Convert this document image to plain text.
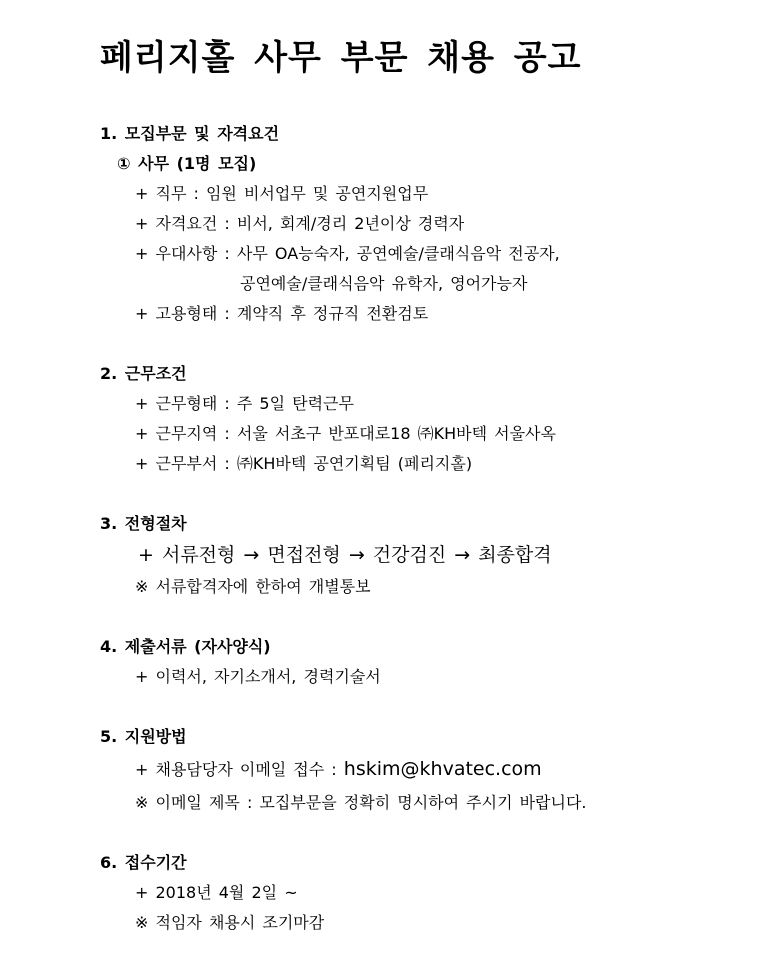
페리지홀 사무 부문 채용 공고
1. 모집부문 및 자격요건
① 사무 (1명 모집)
+ 직무 : 임원 비서업무 및 공연지원업무
+ 자격요건 : 비서, 회계/경리 2년이상 경력자
+ 우대사항 : 사무 OA능숙자, 공연예술/클래식음악 전공자,
공연예술/클래식음악 유학자, 영어가능자
+ 고용형태 : 계약직 후 정규직 전환검토
2. 근무조건
+ 근무형태 : 주 5일 탄력근무
+ 근무지역 : 서울 서초구 반포대로18 ㈜KH바텍 서울사옥
+ 근무부서 : ㈜KH바텍 공연기획팀 (페리지홀)
3. 전형절차
+ 서류전형 → 면접전형 → 건강검진 → 최종합격
※ 서류합격자에 한하여 개별통보
4. 제출서류 (자사양식)
+ 이력서, 자기소개서, 경력기술서
5. 지원방법
+ 채용담당자 이메일 접수 : hskim@khvatec.com
※ 이메일 제목 : 모집부문을 정확히 명시하여 주시기 바랍니다.
6. 접수기간
+ 2018년 4월 2일 ~
※ 적임자 채용시 조기마감
